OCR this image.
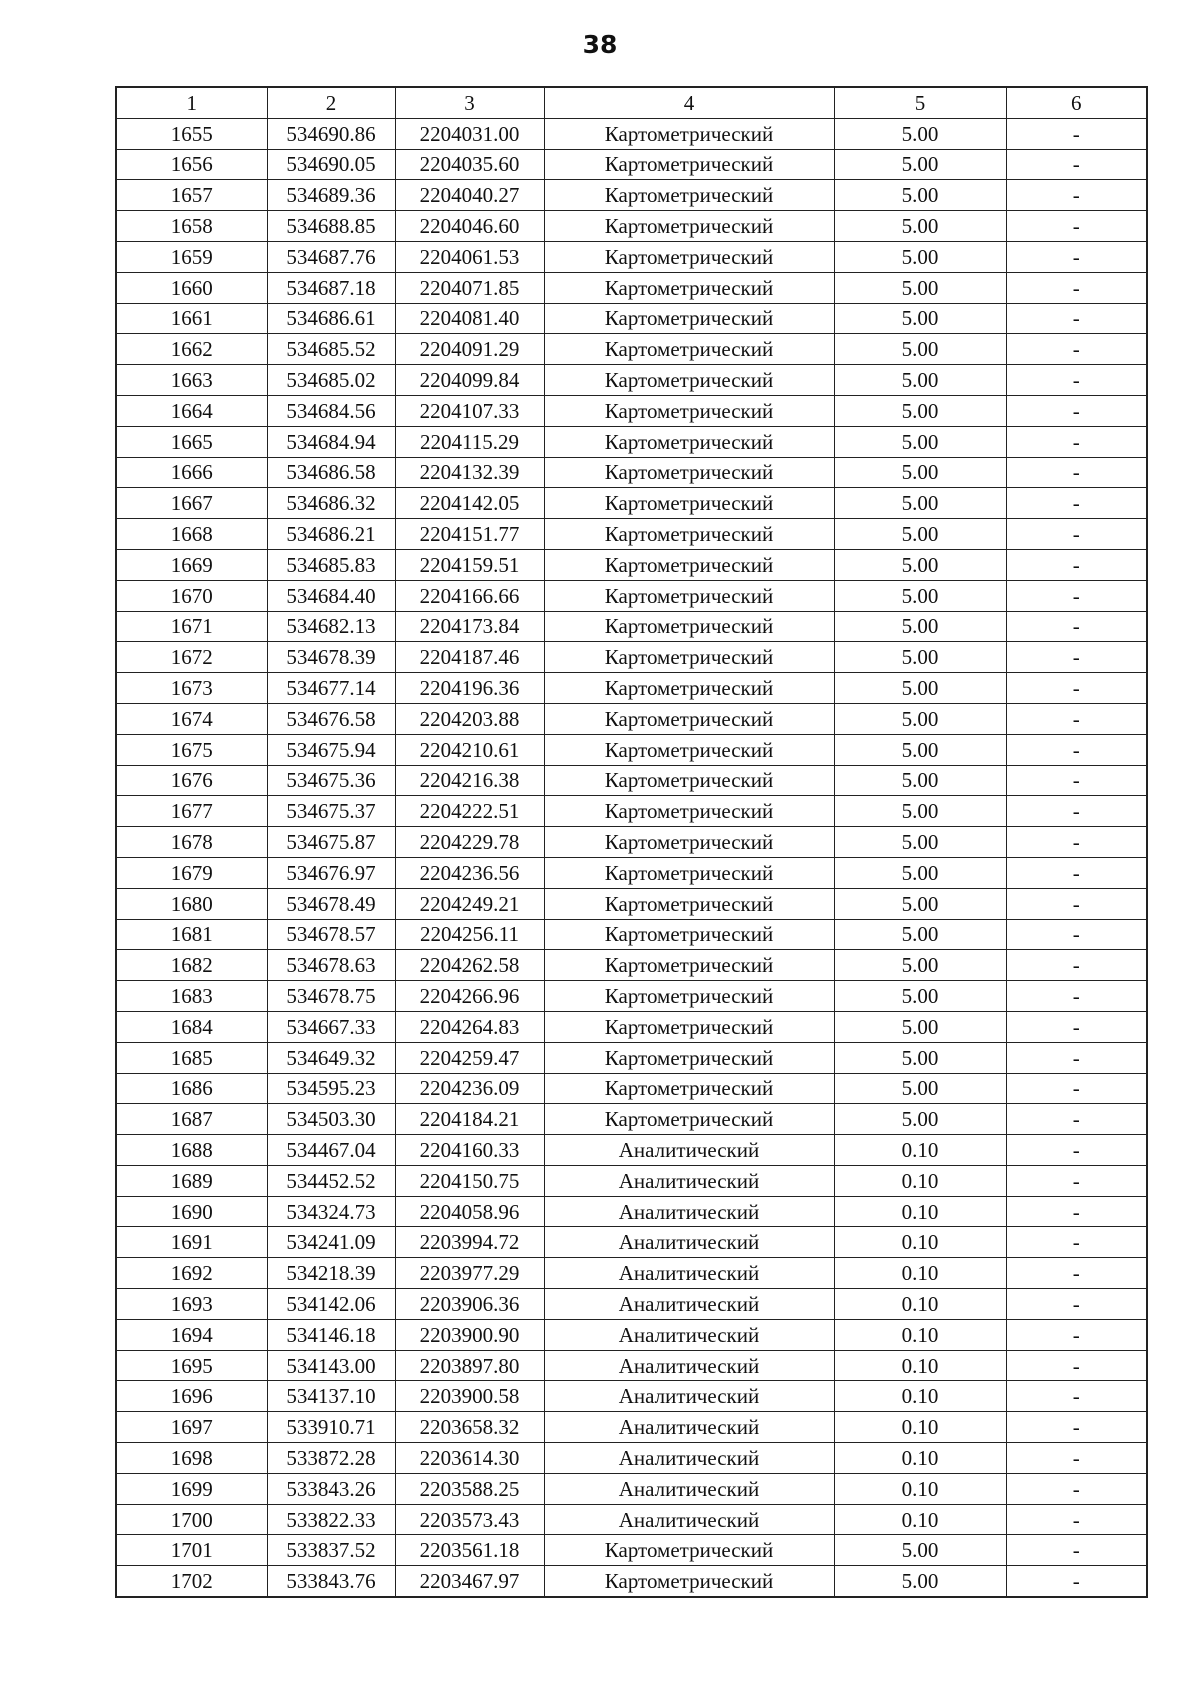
38
1	2	3	4	5	6
1655	534690.86	2204031.00	Картометрический	5.00	-
1656	534690.05	2204035.60	Картометрический	5.00	-
1657	534689.36	2204040.27	Картометрический	5.00	-
1658	534688.85	2204046.60	Картометрический	5.00	-
1659	534687.76	2204061.53	Картометрический	5.00	-
1660	534687.18	2204071.85	Картометрический	5.00	-
1661	534686.61	2204081.40	Картометрический	5.00	-
1662	534685.52	2204091.29	Картометрический	5.00	-
1663	534685.02	2204099.84	Картометрический	5.00	-
1664	534684.56	2204107.33	Картометрический	5.00	-
1665	534684.94	2204115.29	Картометрический	5.00	-
1666	534686.58	2204132.39	Картометрический	5.00	-
1667	534686.32	2204142.05	Картометрический	5.00	-
1668	534686.21	2204151.77	Картометрический	5.00	-
1669	534685.83	2204159.51	Картометрический	5.00	-
1670	534684.40	2204166.66	Картометрический	5.00	-
1671	534682.13	2204173.84	Картометрический	5.00	-
1672	534678.39	2204187.46	Картометрический	5.00	-
1673	534677.14	2204196.36	Картометрический	5.00	-
1674	534676.58	2204203.88	Картометрический	5.00	-
1675	534675.94	2204210.61	Картометрический	5.00	-
1676	534675.36	2204216.38	Картометрический	5.00	-
1677	534675.37	2204222.51	Картометрический	5.00	-
1678	534675.87	2204229.78	Картометрический	5.00	-
1679	534676.97	2204236.56	Картометрический	5.00	-
1680	534678.49	2204249.21	Картометрический	5.00	-
1681	534678.57	2204256.11	Картометрический	5.00	-
1682	534678.63	2204262.58	Картометрический	5.00	-
1683	534678.75	2204266.96	Картометрический	5.00	-
1684	534667.33	2204264.83	Картометрический	5.00	-
1685	534649.32	2204259.47	Картометрический	5.00	-
1686	534595.23	2204236.09	Картометрический	5.00	-
1687	534503.30	2204184.21	Картометрический	5.00	-
1688	534467.04	2204160.33	Аналитический	0.10	-
1689	534452.52	2204150.75	Аналитический	0.10	-
1690	534324.73	2204058.96	Аналитический	0.10	-
1691	534241.09	2203994.72	Аналитический	0.10	-
1692	534218.39	2203977.29	Аналитический	0.10	-
1693	534142.06	2203906.36	Аналитический	0.10	-
1694	534146.18	2203900.90	Аналитический	0.10	-
1695	534143.00	2203897.80	Аналитический	0.10	-
1696	534137.10	2203900.58	Аналитический	0.10	-
1697	533910.71	2203658.32	Аналитический	0.10	-
1698	533872.28	2203614.30	Аналитический	0.10	-
1699	533843.26	2203588.25	Аналитический	0.10	-
1700	533822.33	2203573.43	Аналитический	0.10	-
1701	533837.52	2203561.18	Картометрический	5.00	-
1702	533843.76	2203467.97	Картометрический	5.00	-
